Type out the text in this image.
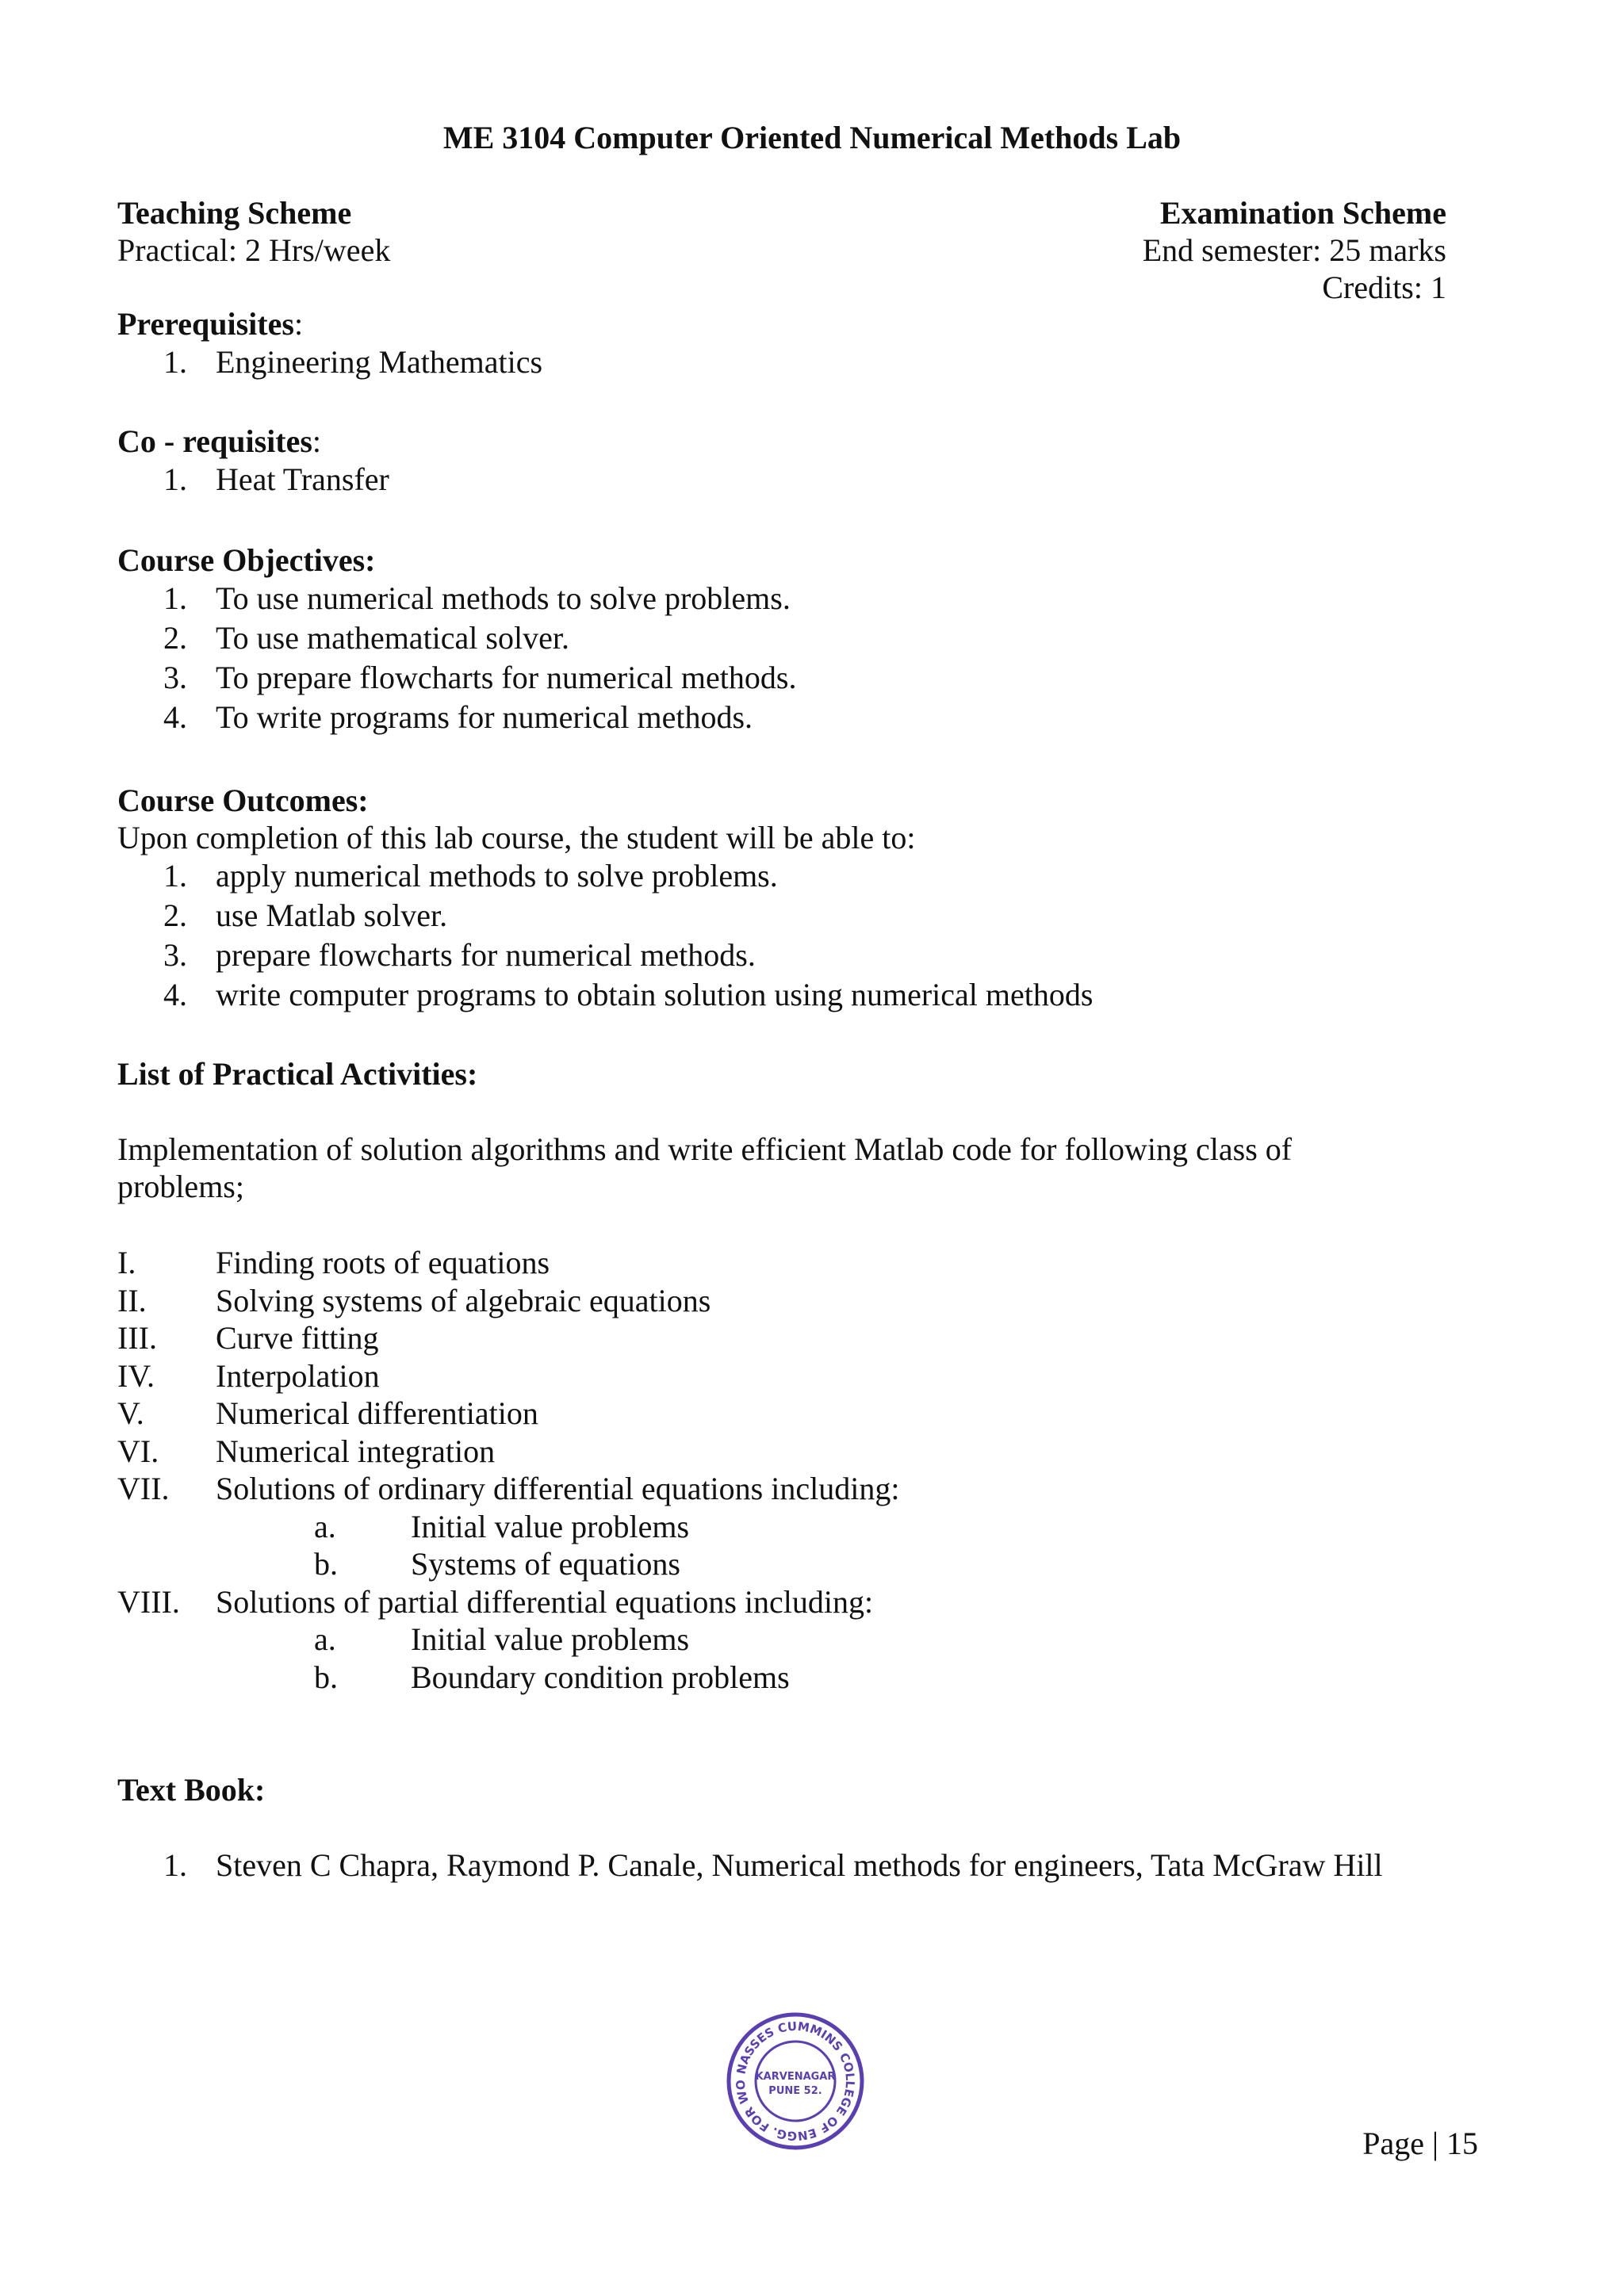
ME 3104 Computer Oriented Numerical Methods Lab
Teaching Scheme
Practical: 2 Hrs/week
Examination Scheme
End semester: 25 marks
Credits: 1
Prerequisites:
1. Engineering Mathematics
Co - requisites:
1. Heat Transfer
Course Objectives:
1. To use numerical methods to solve problems.
2. To use mathematical solver.
3. To prepare flowcharts for numerical methods.
4. To write programs for numerical methods.
Course Outcomes:
Upon completion of this lab course, the student will be able to:
1. apply numerical methods to solve problems.
2. use Matlab solver.
3. prepare flowcharts for numerical methods.
4. write computer programs to obtain solution using numerical methods
List of Practical Activities:
Implementation of solution algorithms and write efficient Matlab code for following class of problems;
I.	Finding roots of equations
II. Solving systems of algebraic equations
III. Curve fitting
IV. Interpolation
V. Numerical differentiation
VI. Numerical integration
VII. Solutions of ordinary differential equations including:
a. Initial value problems
b. Systems of equations
VIII. Solutions of partial differential equations including:
a. Initial value problems
b. Boundary condition problems
Text Book:
1. Steven C Chapra, Raymond P. Canale, Numerical methods for engineers, Tata McGraw Hill
NASSES CUMMINS COLLEGE OF ENGG. FOR WO
KARVENAGAR
PUNE 52.
Page | 15
